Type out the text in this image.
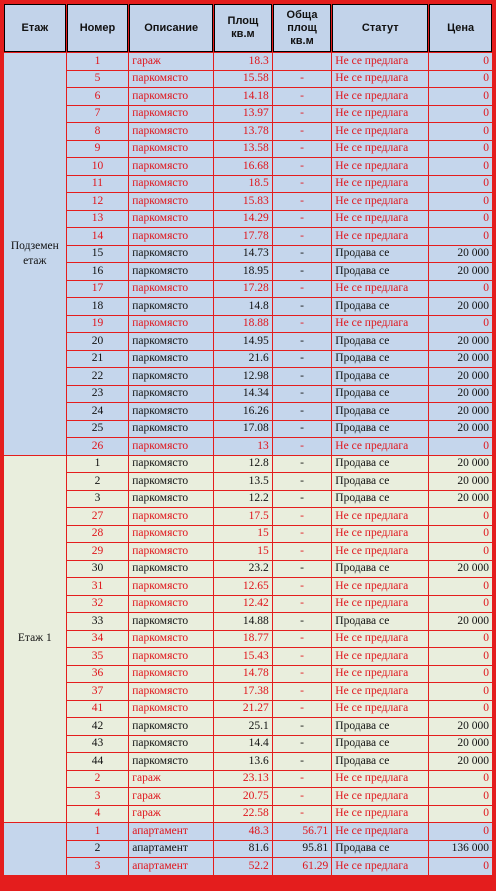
Етаж	Номер	Описание	Площ кв.м	Обща площ кв.м	Статут	Цена
Подземен етаж	1	гараж	18.3		Не се предлага	0
	5	паркомясто	15.58	-	Не се предлага	0
	6	паркомясто	14.18	-	Не се предлага	0
	7	паркомясто	13.97	-	Не се предлага	0
	8	паркомясто	13.78	-	Не се предлага	0
	9	паркомясто	13.58	-	Не се предлага	0
	10	паркомясто	16.68	-	Не се предлага	0
	11	паркомясто	18.5	-	Не се предлага	0
	12	паркомясто	15.83	-	Не се предлага	0
	13	паркомясто	14.29	-	Не се предлага	0
	14	паркомясто	17.78	-	Не се предлага	0
	15	паркомясто	14.73	-	Продава се	20 000
	16	паркомясто	18.95	-	Продава се	20 000
	17	паркомясто	17.28	-	Не се предлага	0
	18	паркомясто	14.8	-	Продава се	20 000
	19	паркомясто	18.88	-	Не се предлага	0
	20	паркомясто	14.95	-	Продава се	20 000
	21	паркомясто	21.6	-	Продава се	20 000
	22	паркомясто	12.98	-	Продава се	20 000
	23	паркомясто	14.34	-	Продава се	20 000
	24	паркомясто	16.26	-	Продава се	20 000
	25	паркомясто	17.08	-	Продава се	20 000
	26	паркомясто	13	-	Не се предлага	0
Етаж 1	1	паркомясто	12.8	-	Продава се	20 000
	2	паркомясто	13.5	-	Продава се	20 000
	3	паркомясто	12.2	-	Продава се	20 000
	27	паркомясто	17.5	-	Не се предлага	0
	28	паркомясто	15	-	Не се предлага	0
	29	паркомясто	15	-	Не се предлага	0
	30	паркомясто	23.2	-	Продава се	20 000
	31	паркомясто	12.65	-	Не се предлага	0
	32	паркомясто	12.42	-	Не се предлага	0
	33	паркомясто	14.88	-	Продава се	20 000
	34	паркомясто	18.77	-	Не се предлага	0
	35	паркомясто	15.43	-	Не се предлага	0
	36	паркомясто	14.78	-	Не се предлага	0
	37	паркомясто	17.38	-	Не се предлага	0
	41	паркомясто	21.27	-	Не се предлага	0
	42	паркомясто	25.1	-	Продава се	20 000
	43	паркомясто	14.4	-	Продава се	20 000
	44	паркомясто	13.6	-	Продава се	20 000
	2	гараж	23.13	-	Не се предлага	0
	3	гараж	20.75	-	Не се предлага	0
	4	гараж	22.58	-	Не се предлага	0
	1	апартамент	48.3	56.71	Не се предлага	0
	2	апартамент	81.6	95.81	Продава се	136 000
	3	апартамент	52.2	61.29	Не се предлага	0
